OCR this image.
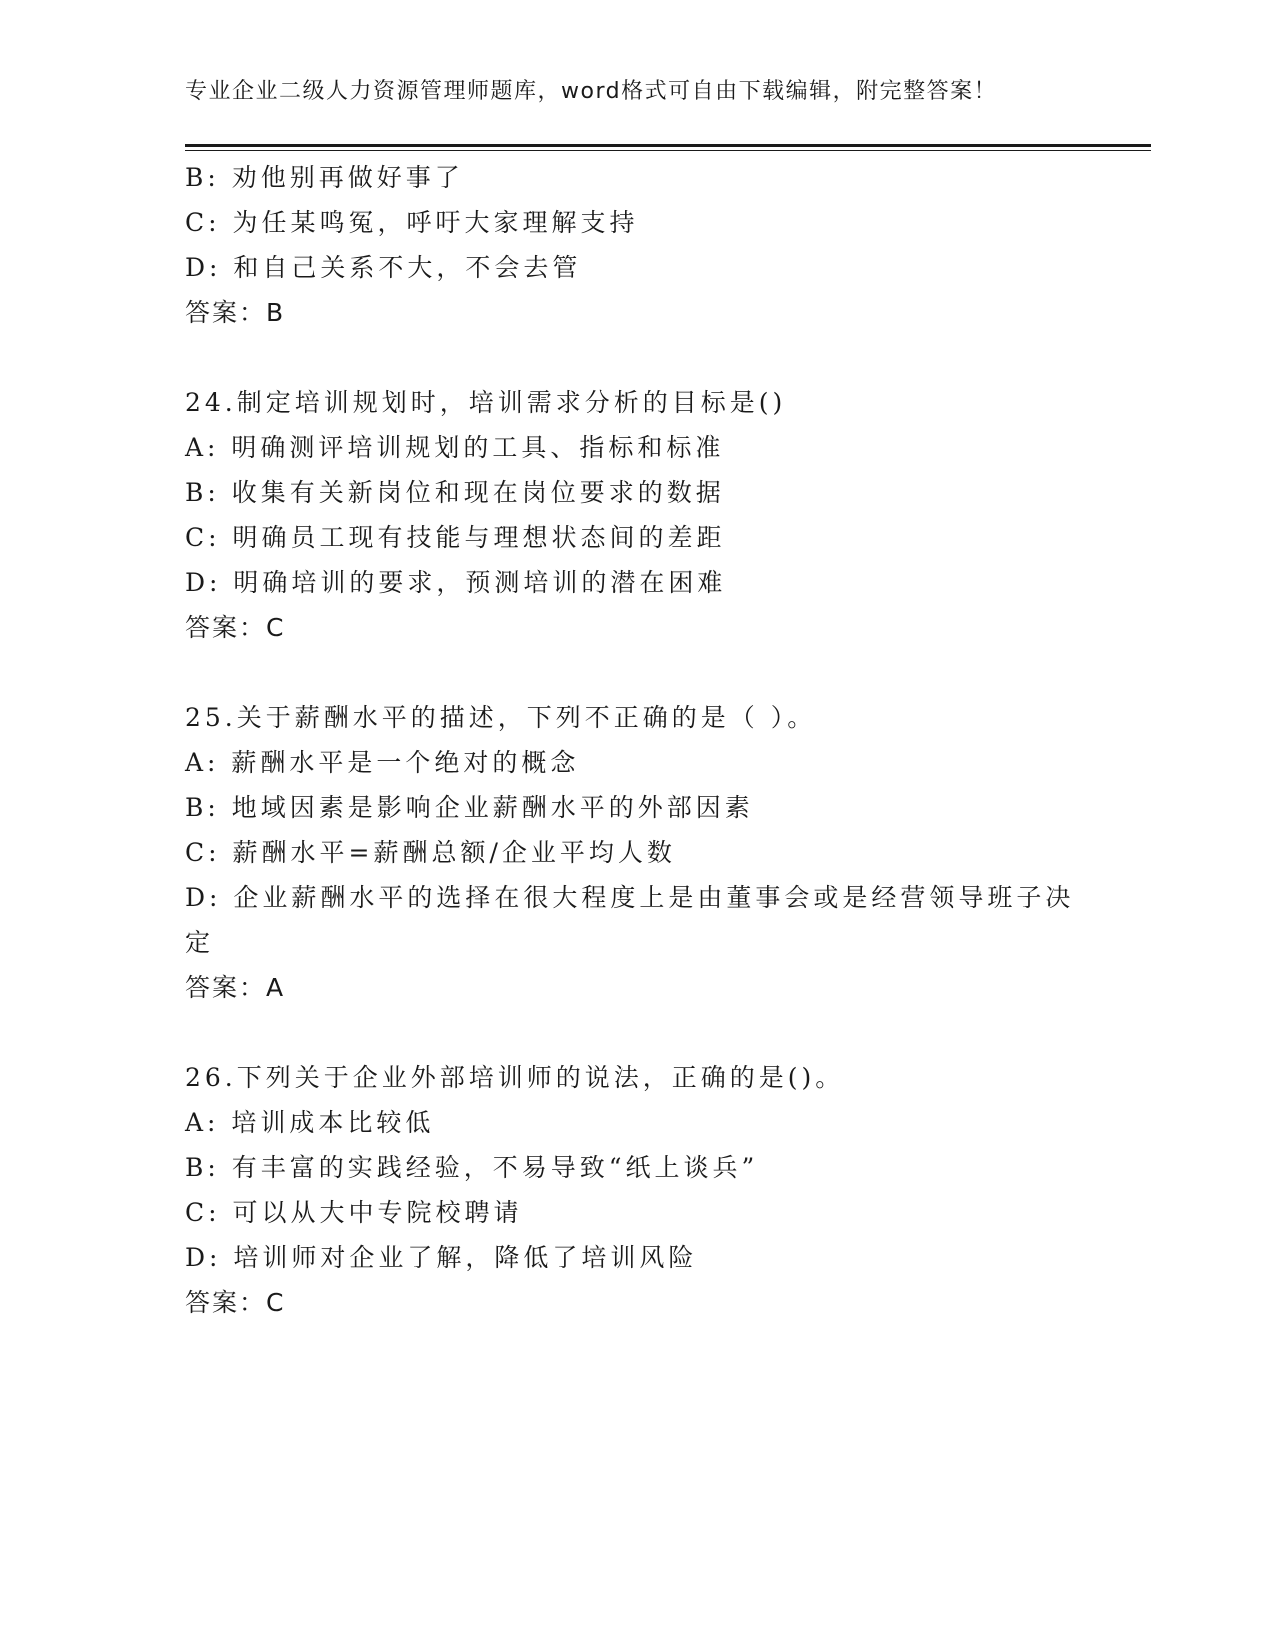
专业企业二级人力资源管理师题库，word格式可自由下载编辑，附完整答案！
B: 劝他别再做好事了
C: 为任某鸣冤，呼吁大家理解支持
D: 和自己关系不大，不会去管
答案：B
24.制定培训规划时，培训需求分析的目标是()
A: 明确测评培训规划的工具、指标和标准
B: 收集有关新岗位和现在岗位要求的数据
C: 明确员工现有技能与理想状态间的差距
D: 明确培训的要求，预测培训的潜在困难
答案：C
25.关于薪酬水平的描述，下列不正确的是（ ）。
A: 薪酬水平是一个绝对的概念
B: 地域因素是影响企业薪酬水平的外部因素
C: 薪酬水平=薪酬总额/企业平均人数
D: 企业薪酬水平的选择在很大程度上是由董事会或是经营领导班子决
定
答案：A
26.下列关于企业外部培训师的说法，正确的是()。
A: 培训成本比较低
B: 有丰富的实践经验，不易导致“纸上谈兵”
C: 可以从大中专院校聘请
D: 培训师对企业了解，降低了培训风险
答案：C
